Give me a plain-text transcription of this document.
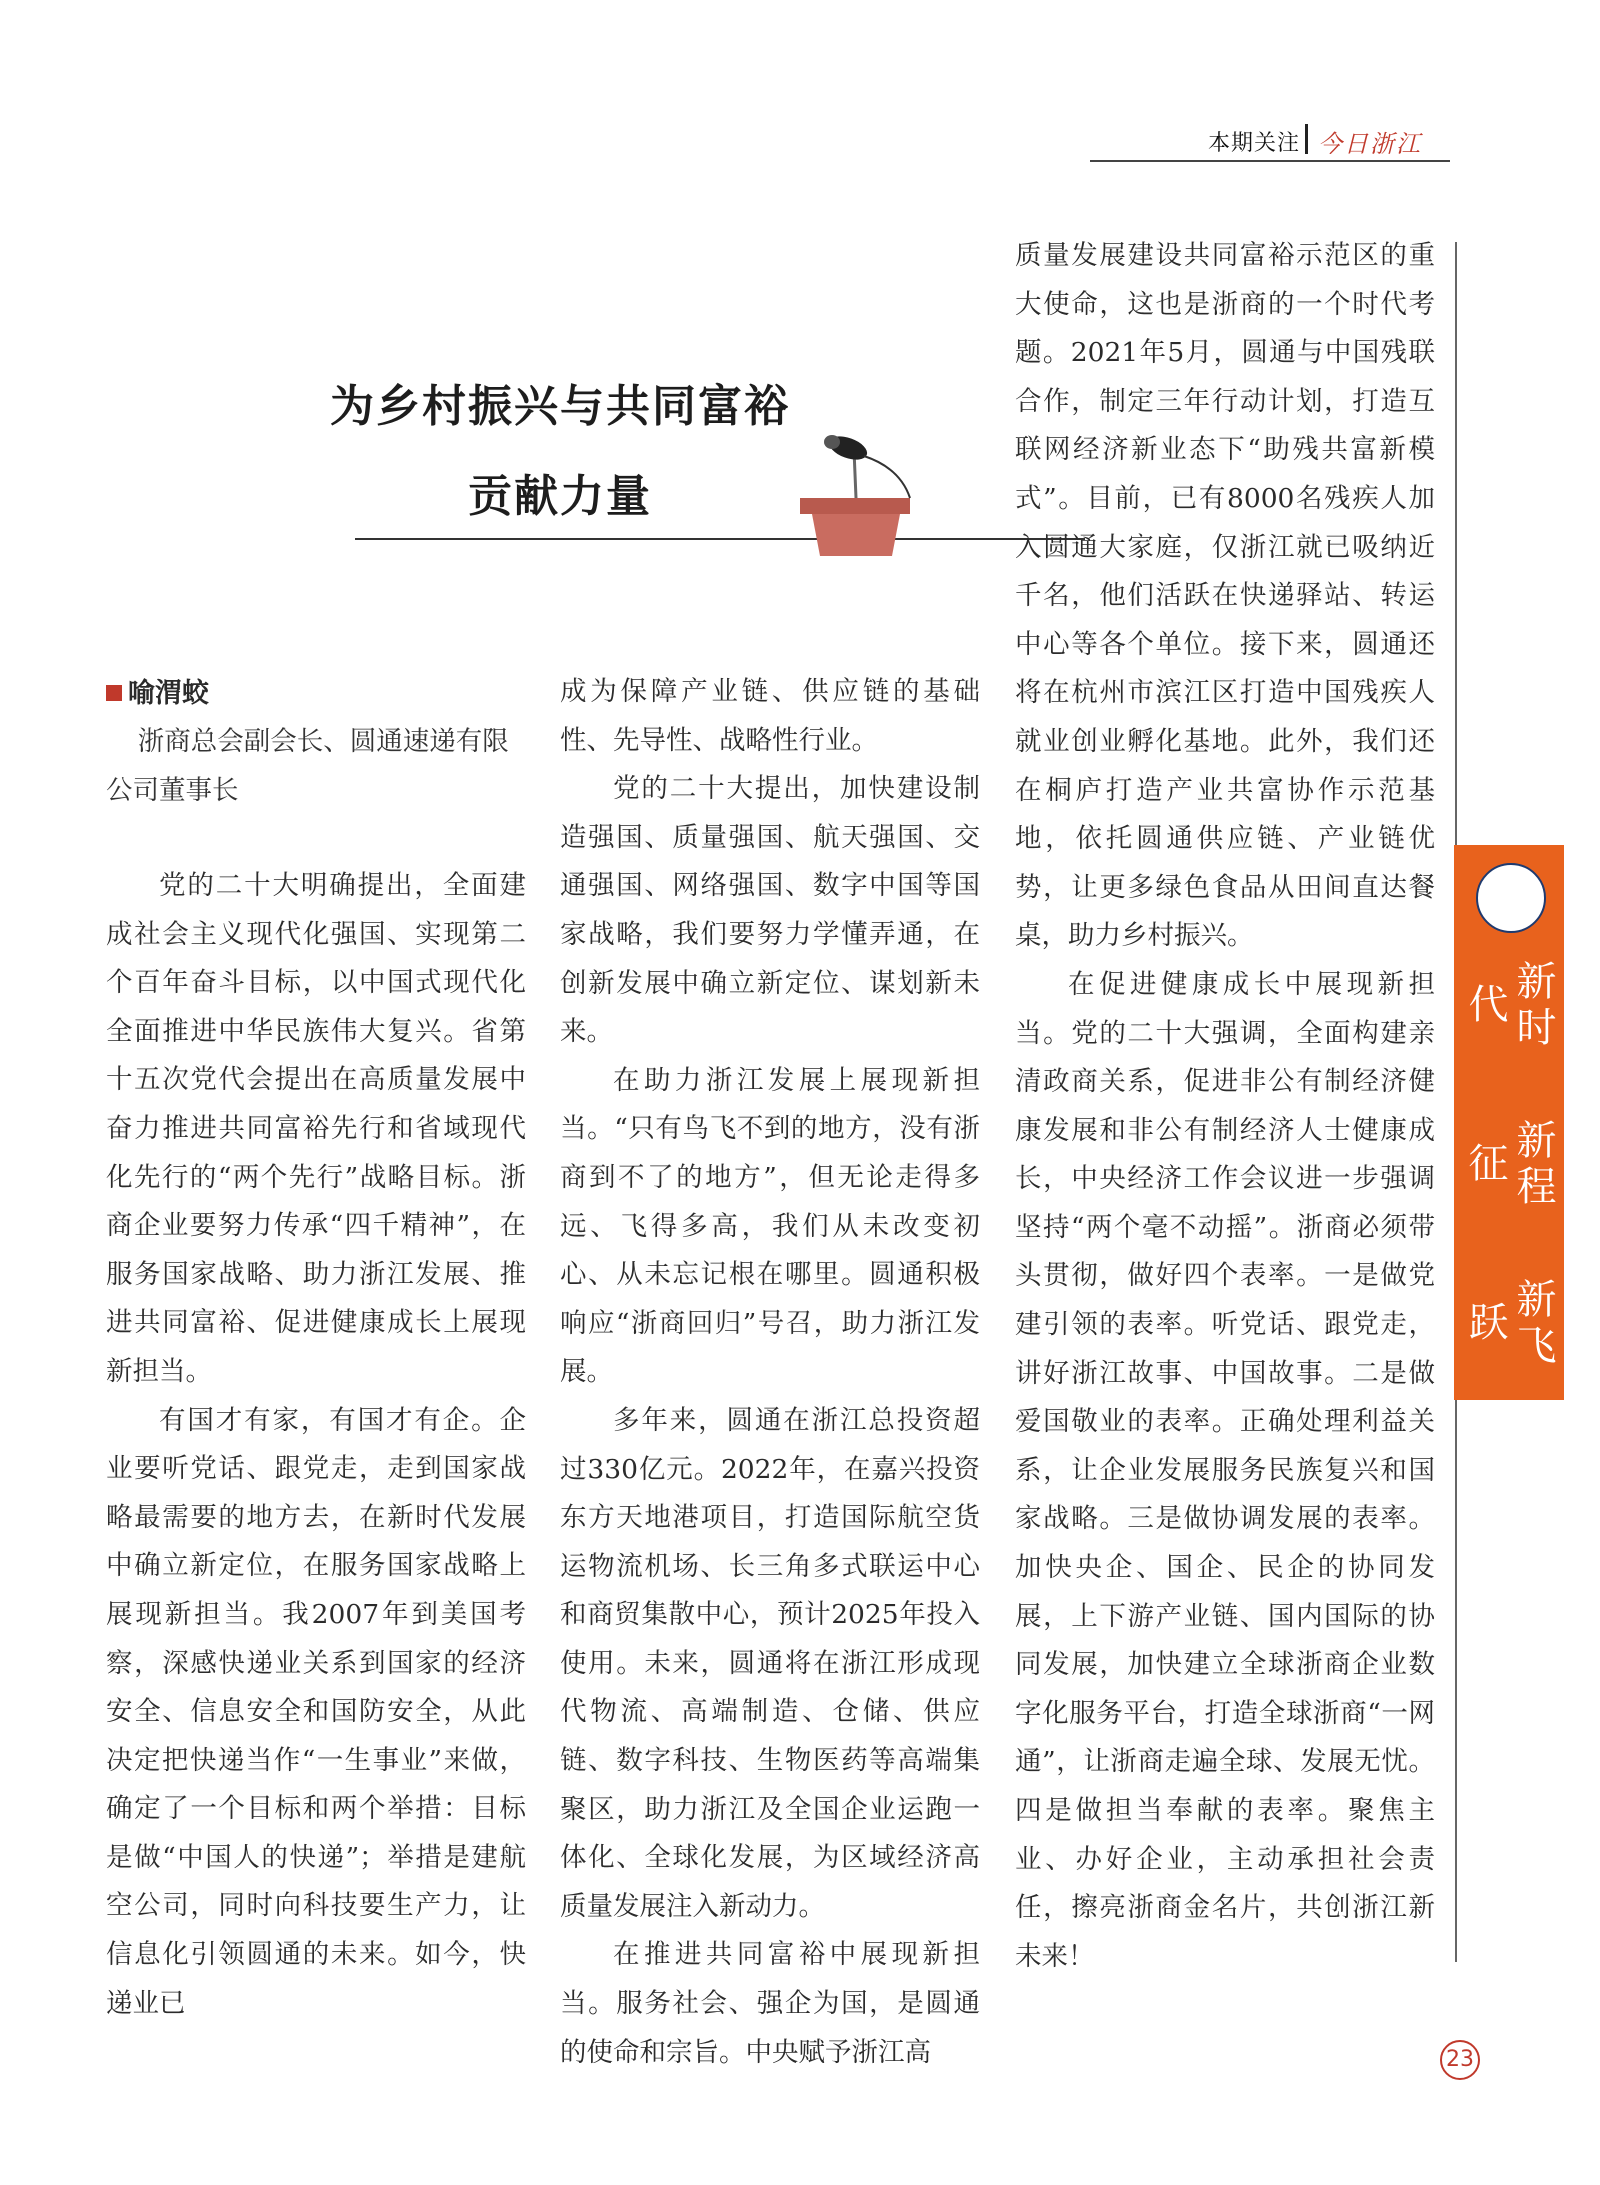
本期关注 今日浙江
为乡村振兴与共同富裕
贡献力量
喻渭蛟
浙商总会副会长、圆通速递有限公司董事长

党的二十大明确提出，全面建成社会主义现代化强国、实现第二个百年奋斗目标，以中国式现代化全面推进中华民族伟大复兴。省第十五次党代会提出在高质量发展中奋力推进共同富裕先行和省域现代化先行的“两个先行”战略目标。浙商企业要努力传承“四千精神”，在服务国家战略、助力浙江发展、推进共同富裕、促进健康成长上展现新担当。

有国才有家，有国才有企。企业要听党话、跟党走，走到国家战略最需要的地方去，在新时代发展中确立新定位，在服务国家战略上展现新担当。我2007年到美国考察，深感快递业关系到国家的经济安全、信息安全和国防安全，从此决定把快递当作“一生事业”来做，确定了一个目标和两个举措：目标是做“中国人的快递”；举措是建航空公司，同时向科技要生产力，让信息化引领圆通的未来。如今，快递业已

成为保障产业链、供应链的基础性、先导性、战略性行业。

党的二十大提出，加快建设制造强国、质量强国、航天强国、交通强国、网络强国、数字中国等国家战略，我们要努力学懂弄通，在创新发展中确立新定位、谋划新未来。

在助力浙江发展上展现新担当。“只有鸟飞不到的地方，没有浙商到不了的地方”，但无论走得多远、飞得多高，我们从未改变初心、从未忘记根在哪里。圆通积极响应“浙商回归”号召，助力浙江发展。

多年来，圆通在浙江总投资超过330亿元。2022年，在嘉兴投资东方天地港项目，打造国际航空货运物流机场、长三角多式联运中心和商贸集散中心，预计2025年投入使用。未来，圆通将在浙江形成现代物流、高端制造、仓储、供应链、数字科技、生物医药等高端集聚区，助力浙江及全国企业运跑一体化、全球化发展，为区域经济高质量发展注入新动力。

在推进共同富裕中展现新担当。服务社会、强企为国，是圆通的使命和宗旨。中央赋予浙江高

质量发展建设共同富裕示范区的重大使命，这也是浙商的一个时代考题。2021年5月，圆通与中国残联合作，制定三年行动计划，打造互联网经济新业态下“助残共富新模式”。目前，已有8000名残疾人加入圆通大家庭，仅浙江就已吸纳近千名，他们活跃在快递驿站、转运中心等各个单位。接下来，圆通还将在杭州市滨江区打造中国残疾人就业创业孵化基地。此外，我们还在桐庐打造产业共富协作示范基地，依托圆通供应链、产业链优势，让更多绿色食品从田间直达餐桌，助力乡村振兴。

在促进健康成长中展现新担当。党的二十大强调，全面构建亲清政商关系，促进非公有制经济健康发展和非公有制经济人士健康成长，中央经济工作会议进一步强调坚持“两个毫不动摇”。浙商必须带头贯彻，做好四个表率。一是做党建引领的表率。听党话、跟党走，讲好浙江故事、中国故事。二是做爱国敬业的表率。正确处理利益关系，让企业发展服务民族复兴和国家战略。三是做协调发展的表率。加快央企、国企、民企的协同发展，上下游产业链、国内国际的协同发展，加快建立全球浙商企业数字化服务平台，打造全球浙商“一网通”，让浙商走遍全球、发展无忧。四是做担当奉献的表率。聚焦主业、办好企业，主动承担社会责任，擦亮浙商金名片，共创浙江新未来！

新时代
新程征
新飞跃
23
